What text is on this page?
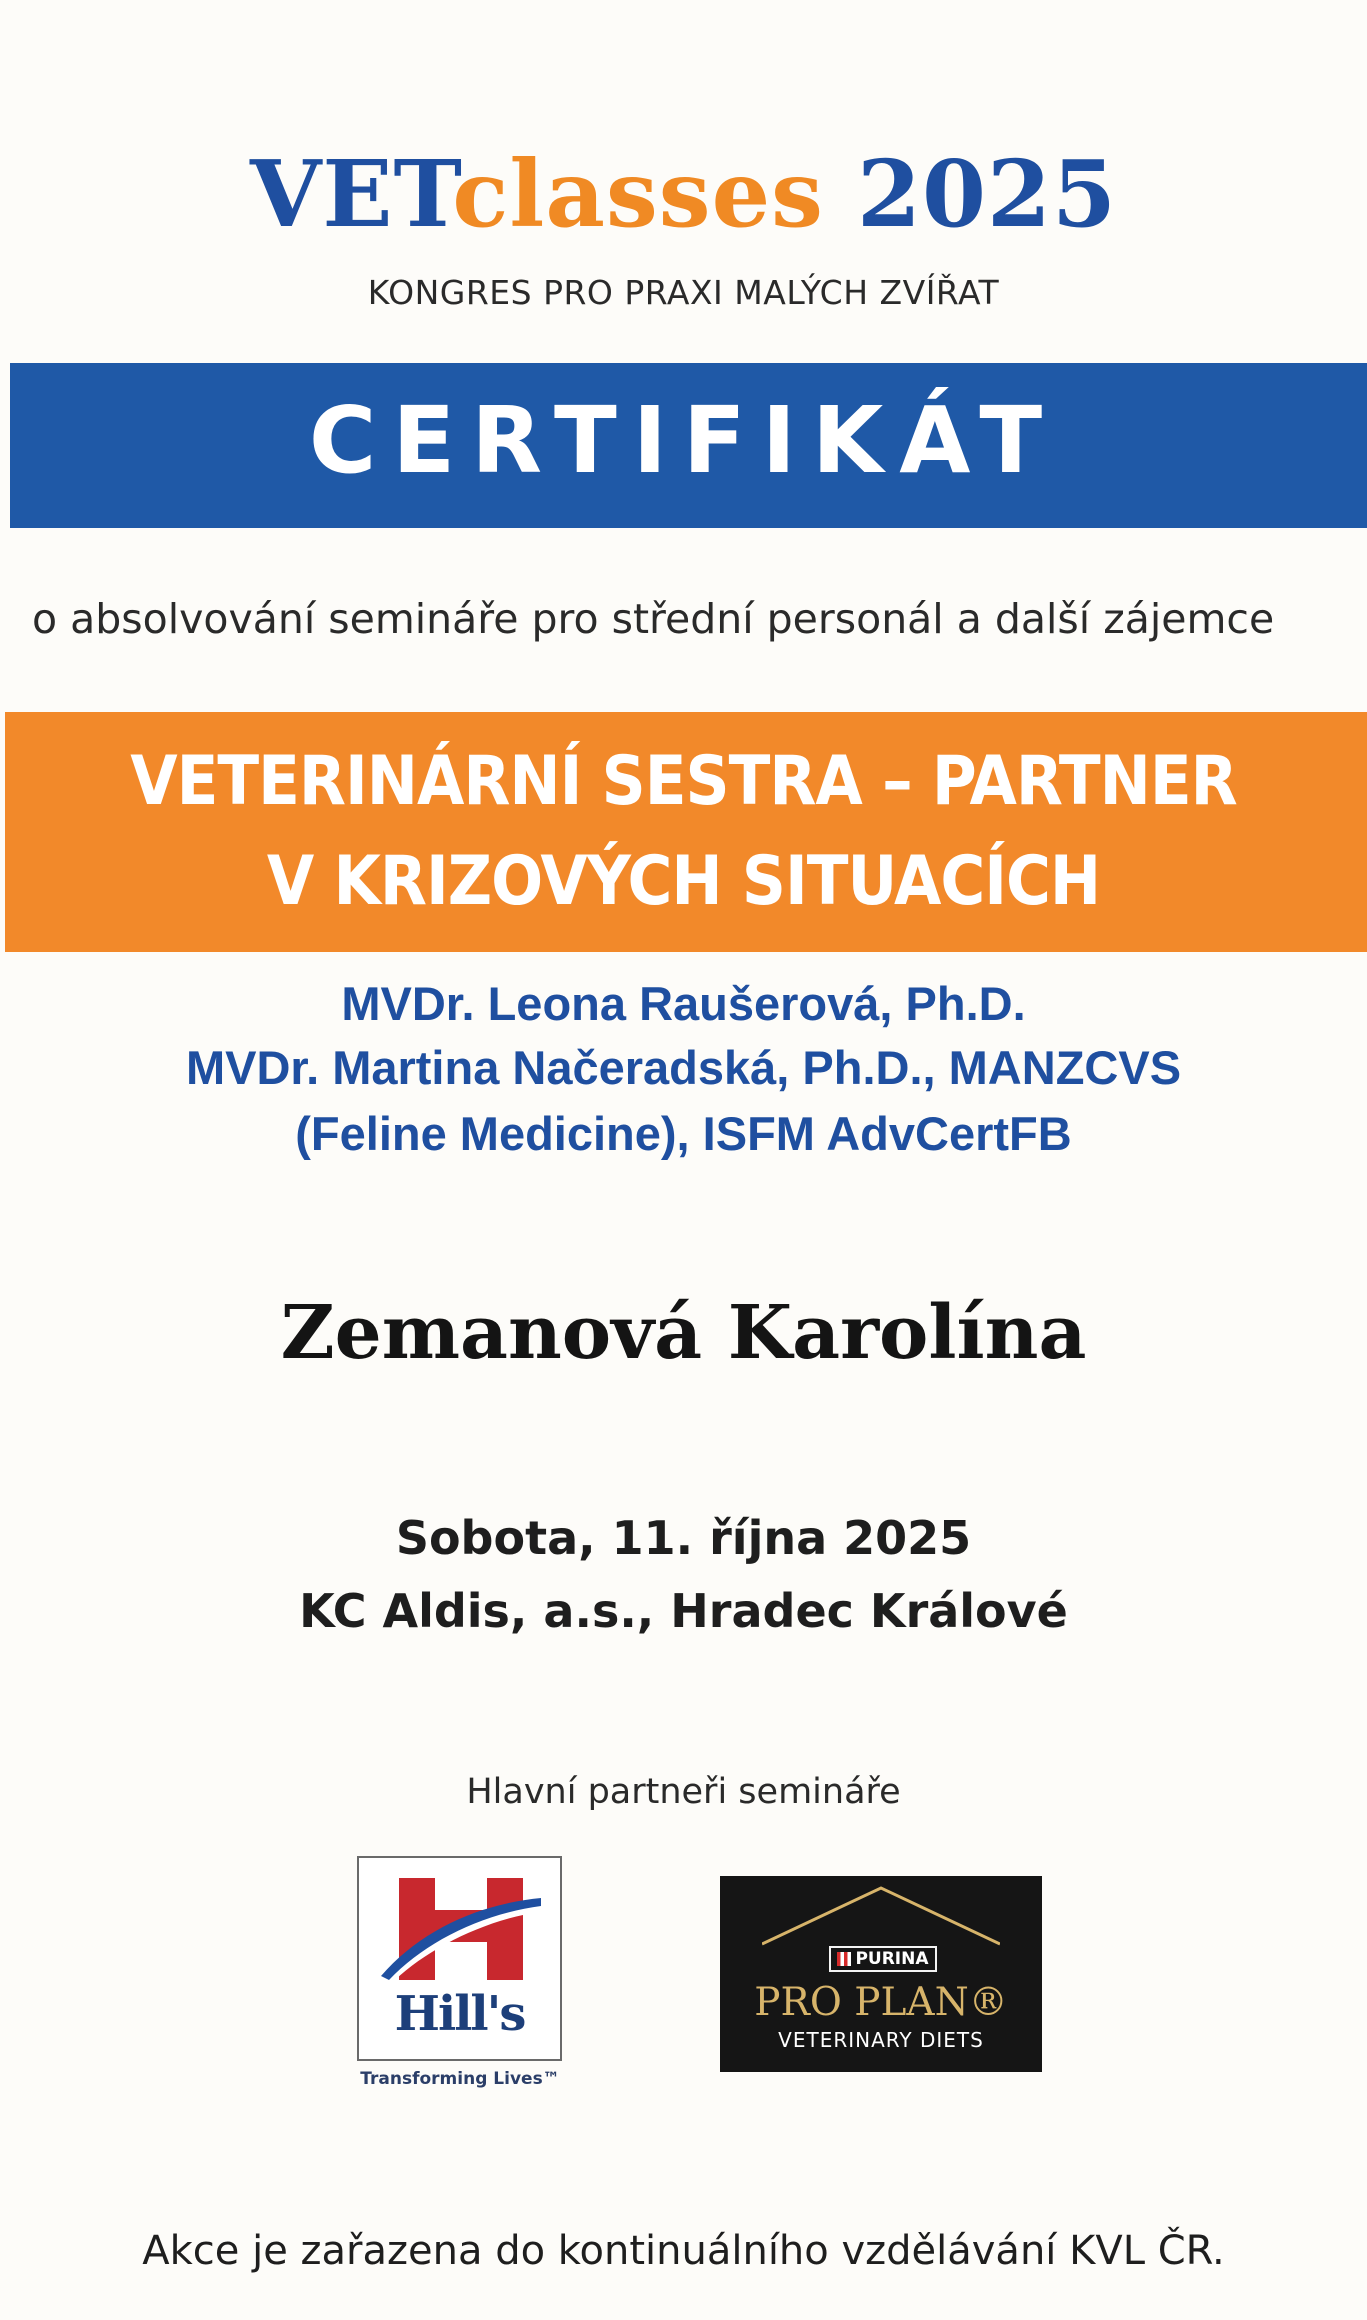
VETclasses 2025
KONGRES PRO PRAXI MALÝCH ZVÍŘAT
CERTIFIKÁT
o absolvování semináře pro střední personál a další zájemce
VETERINÁRNÍ SESTRA – PARTNER
V KRIZOVÝCH SITUACÍCH
MVDr. Leona Raušerová, Ph.D.
MVDr. Martina Načeradská, Ph.D., MANZCVS
(Feline Medicine), ISFM AdvCertFB
Zemanová Karolína
Sobota, 11. října 2025
KC Aldis, a.s., Hradec Králové
Hlavní partneři semináře
Hill's
Transforming Lives™
PURINA
PRO PLAN®
VETERINARY DIETS
Akce je zařazena do kontinuálního vzdělávání KVL ČR.
